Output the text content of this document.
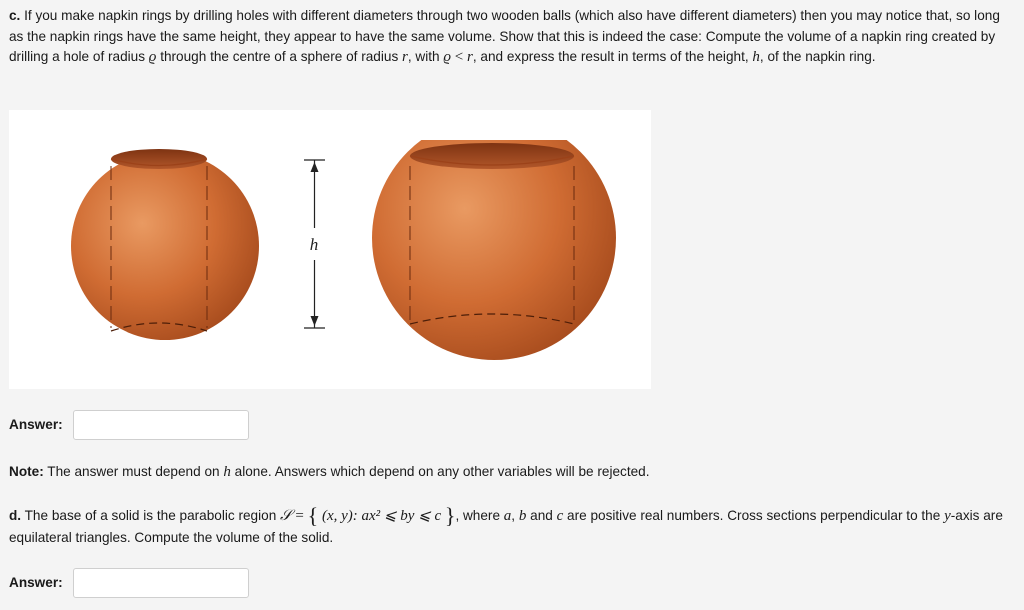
c. If you make napkin rings by drilling holes with different diameters through two wooden balls (which also have different diameters) then you may notice that, so long as the napkin rings have the same height, they appear to have the same volume. Show that this is indeed the case: Compute the volume of a napkin ring created by drilling a hole of radius ϱ through the centre of a sphere of radius r, with ϱ < r, and express the result in terms of the height, h, of the napkin ring.
h
Answer:
Note: The answer must depend on h alone. Answers which depend on any other variables will be rejected.
d. The base of a solid is the parabolic region 𝒮 = { (x, y): ax² ⩽ by ⩽ c }, where a, b and c are positive real numbers. Cross sections perpendicular to the y-axis are equilateral triangles. Compute the volume of the solid.
Answer:
